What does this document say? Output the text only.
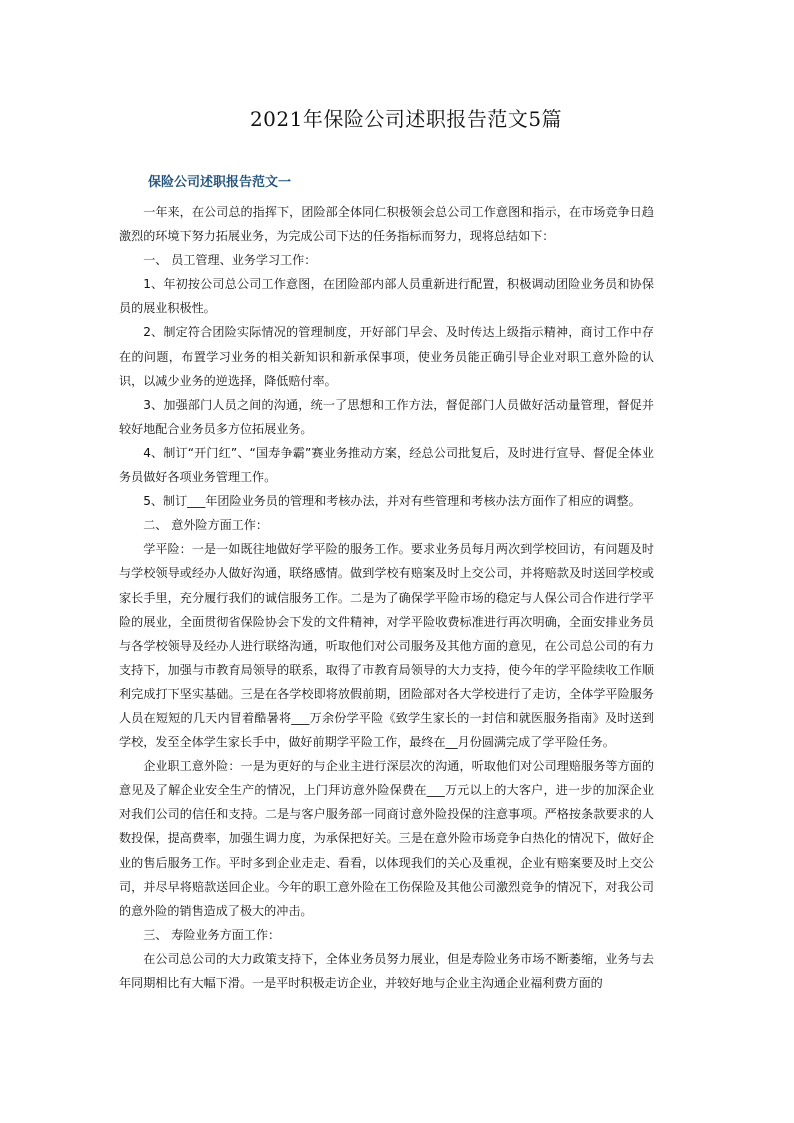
2021年保险公司述职报告范文5篇
保险公司述职报告范文一

一年来，在公司总的指挥下，团险部全体同仁积极领会总公司工作意图和指示，在市场竞争日趋激烈的环境下努力拓展业务，为完成公司下达的任务指标而努力，现将总结如下：

一、 员工管理、业务学习工作：

1、年初按公司总公司工作意图，在团险部内部人员重新进行配置，积极调动团险业务员和协保员的展业积极性。

2、制定符合团险实际情况的管理制度，开好部门早会、及时传达上级指示精神，商讨工作中存在的问题，布置学习业务的相关新知识和新承保事项，使业务员能正确引导企业对职工意外险的认识，以减少业务的逆选择，降低赔付率。

3、加强部门人员之间的沟通，统一了思想和工作方法，督促部门人员做好活动量管理，督促并较好地配合业务员多方位拓展业务。

4、制订“开门红”、“国寿争霸”赛业务推动方案，经总公司批复后，及时进行宣导、督促全体业务员做好各项业务管理工作。

5、制订___年团险业务员的管理和考核办法，并对有些管理和考核办法方面作了相应的调整。

二、 意外险方面工作：

学平险：一是一如既往地做好学平险的服务工作。要求业务员每月两次到学校回访，有问题及时与学校领导或经办人做好沟通，联络感情。做到学校有赔案及时上交公司，并将赔款及时送回学校或家长手里，充分履行我们的诚信服务工作。二是为了确保学平险市场的稳定与人保公司合作进行学平险的展业，全面贯彻省保险协会下发的文件精神，对学平险收费标准进行再次明确，全面安排业务员与各学校领导及经办人进行联络沟通，听取他们对公司服务及其他方面的意见，在公司总公司的有力支持下，加强与市教育局领导的联系，取得了市教育局领导的大力支持，使今年的学平险续收工作顺利完成打下坚实基础。三是在各学校即将放假前期，团险部对各大学校进行了走访，全体学平险服务人员在短短的几天内冒着酷暑将___万余份学平险《致学生家长的一封信和就医服务指南》及时送到学校，发至全体学生家长手中，做好前期学平险工作，最终在__月份圆满完成了学平险任务。

企业职工意外险：一是为更好的与企业主进行深层次的沟通，听取他们对公司理赔服务等方面的意见及了解企业安全生产的情况，上门拜访意外险保费在___万元以上的大客户，进一步的加深企业对我们公司的信任和支持。二是与客户服务部一同商讨意外险投保的注意事项。严格按条款要求的人数投保，提高费率，加强生调力度，为承保把好关。三是在意外险市场竞争白热化的情况下，做好企业的售后服务工作。平时多到企业走走、看看，以体现我们的关心及重视，企业有赔案要及时上交公司，并尽早将赔款送回企业。今年的职工意外险在工伤保险及其他公司激烈竞争的情况下，对我公司的意外险的销售造成了极大的冲击。

三、 寿险业务方面工作：

在公司总公司的大力政策支持下，全体业务员努力展业，但是寿险业务市场不断萎缩，业务与去年同期相比有大幅下滑。一是平时积极走访企业，并较好地与企业主沟通企业福利费方面的
